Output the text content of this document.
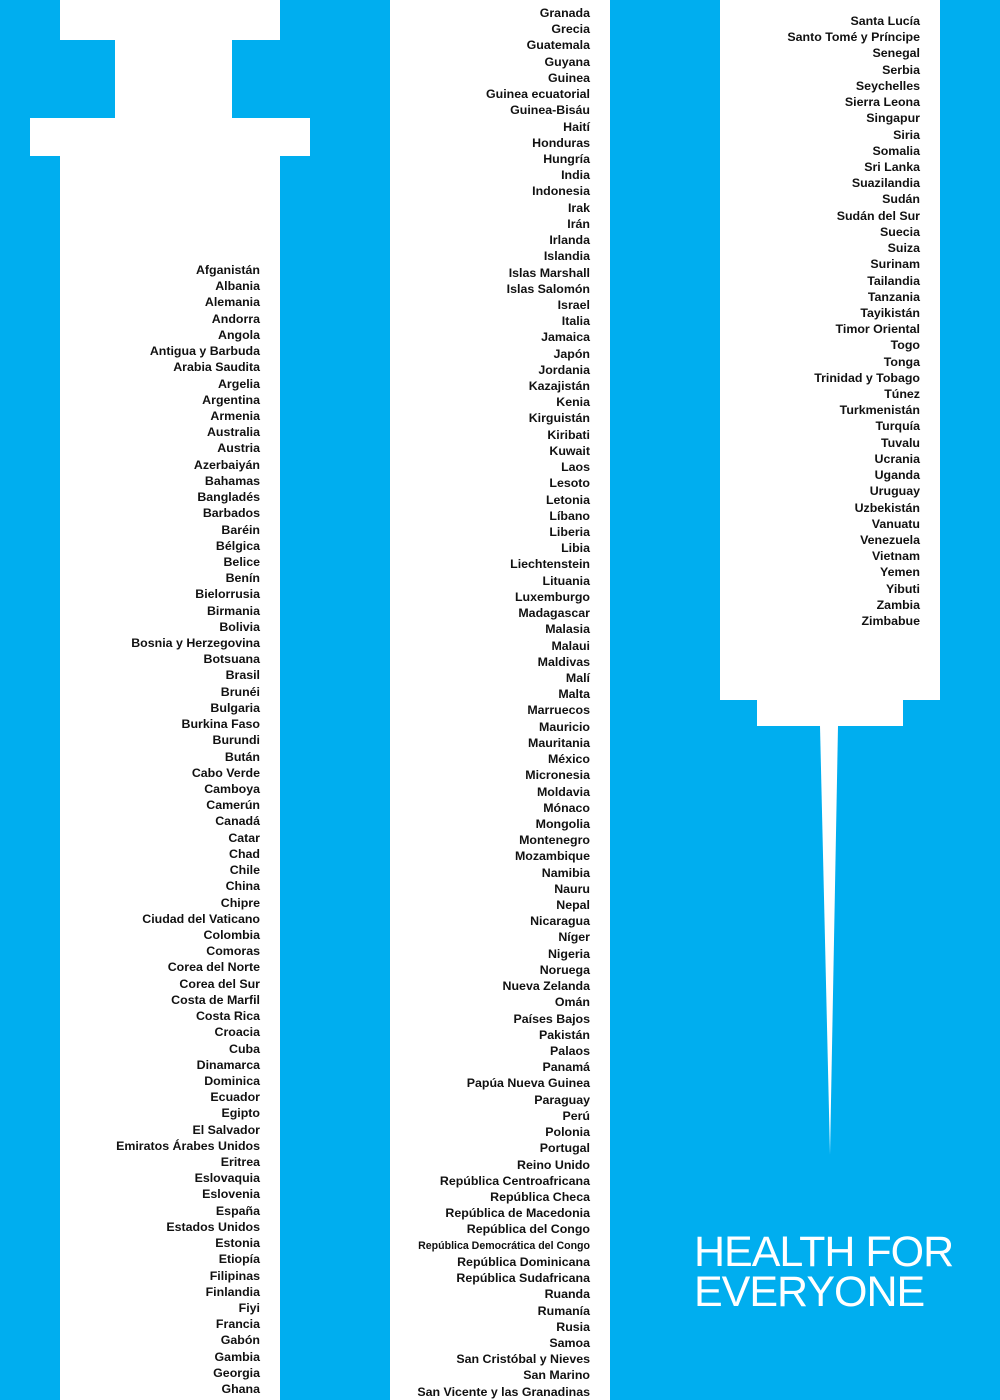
Afganistán
Albania
Alemania
Andorra
Angola
Antigua y Barbuda
Arabia Saudita
Argelia
Argentina
Armenia
Australia
Austria
Azerbaiyán
Bahamas
Bangladés
Barbados
Baréin
Bélgica
Belice
Benín
Bielorrusia
Birmania
Bolivia
Bosnia y Herzegovina
Botsuana
Brasil
Brunéi
Bulgaria
Burkina Faso
Burundi
Bután
Cabo Verde
Camboya
Camerún
Canadá
Catar
Chad
Chile
China
Chipre
Ciudad del Vaticano
Colombia
Comoras
Corea del Norte
Corea del Sur
Costa de Marfil
Costa Rica
Croacia
Cuba
Dinamarca
Dominica
Ecuador
Egipto
El Salvador
Emiratos Árabes Unidos
Eritrea
Eslovaquia
Eslovenia
España
Estados Unidos
Estonia
Etiopía
Filipinas
Finlandia
Fiyi
Francia
Gabón
Gambia
Georgia
Ghana
Granada
Grecia
Guatemala
Guyana
Guinea
Guinea ecuatorial
Guinea-Bisáu
Haití
Honduras
Hungría
India
Indonesia
Irak
Irán
Irlanda
Islandia
Islas Marshall
Islas Salomón
Israel
Italia
Jamaica
Japón
Jordania
Kazajistán
Kenia
Kirguistán
Kiribati
Kuwait
Laos
Lesoto
Letonia
Líbano
Liberia
Libia
Liechtenstein
Lituania
Luxemburgo
Madagascar
Malasia
Malaui
Maldivas
Malí
Malta
Marruecos
Mauricio
Mauritania
México
Micronesia
Moldavia
Mónaco
Mongolia
Montenegro
Mozambique
Namibia
Nauru
Nepal
Nicaragua
Níger
Nigeria
Noruega
Nueva Zelanda
Omán
Países Bajos
Pakistán
Palaos
Panamá
Papúa Nueva Guinea
Paraguay
Perú
Polonia
Portugal
Reino Unido
República Centroafricana
República Checa
República de Macedonia
República del Congo
República Democrática del Congo
República Dominicana
República Sudafricana
Ruanda
Rumanía
Rusia
Samoa
San Cristóbal y Nieves
San Marino
San Vicente y las Granadinas
Santa Lucía
Santo Tomé y Príncipe
Senegal
Serbia
Seychelles
Sierra Leona
Singapur
Siria
Somalia
Sri Lanka
Suazilandia
Sudán
Sudán del Sur
Suecia
Suiza
Surinam
Tailandia
Tanzania
Tayikistán
Timor Oriental
Togo
Tonga
Trinidad y Tobago
Túnez
Turkmenistán
Turquía
Tuvalu
Ucrania
Uganda
Uruguay
Uzbekistán
Vanuatu
Venezuela
Vietnam
Yemen
Yibuti
Zambia
Zimbabue
HEALTH FOR
EVERYONE
